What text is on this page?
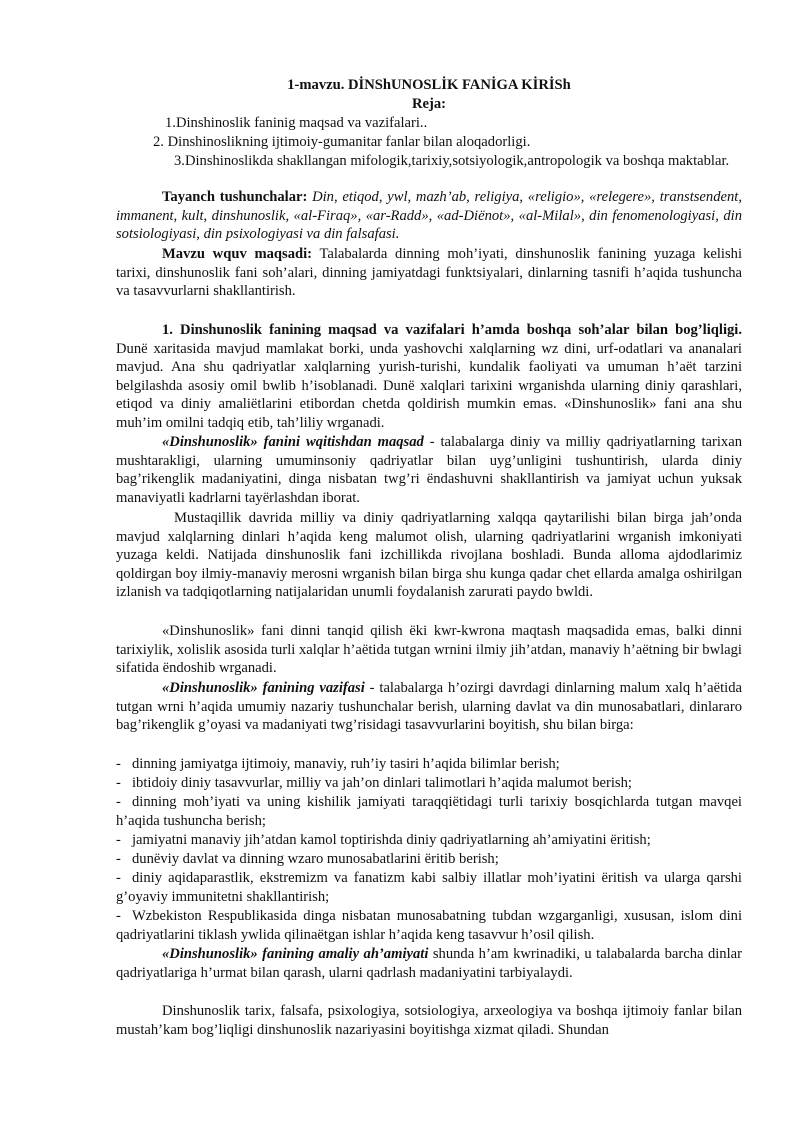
1-mavzu. DİNShUNOSLİK FANİGA KİRİSh

Reja:

1.Dinshinoslik faninig maqsad va vazifalari..

2. Dinshinoslikning ijtimoiy-gumanitar fanlar bilan aloqadorligi.

3.Dinshinoslikda shakllangan mifologik,tarixiy,sotsiyologik,antropologik va boshqa maktablar.

Tayanch tushunchalar: Din, etiqod, ywl, mazh’ab, religiya, «religio», «relegere», transtsendent, immanent, kult, dinshunoslik, «al-Firaq», «ar-Radd», «ad-Diёnot», «al-Milal», din fenomenologiyasi, din sotsiologiyasi, din psixologiyasi va din falsafasi.

Mavzu wquv maqsadi: Talabalarda dinning moh’iyati, dinshunoslik fanining yuzaga kelishi tarixi, dinshunoslik fani soh’alari, dinning jamiyatdagi funktsiyalari, dinlarning tasnifi h’aqida tushuncha va tasavvurlarni shakllantirish.

1. Dinshunoslik fanining maqsad va vazifalari h’amda boshqa soh’alar bilan bog’liqligi. Dunё xaritasida mavjud mamlakat borki, unda yashovchi xalqlarning wz dini, urf-odatlari va ananalari mavjud. Ana shu qadriyatlar xalqlarning yurish-turishi, kundalik faoliyati va umuman h’aёt tarzini belgilashda asosiy omil bwlib h’isoblanadi. Dunё xalqlari tarixini wrganishda ularning diniy qarashlari, etiqod va diniy amaliёtlarini etibordan chetda qoldirish mumkin emas. «Dinshunoslik» fani ana shu muh’im omilni tadqiq etib, tah’liliy wrganadi.

«Dinshunoslik» fanini wqitishdan maqsad - talabalarga diniy va milliy qadriyatlarning tarixan mushtarakligi, ularning umuminsoniy qadriyatlar bilan uyg’unligini tushuntirish, ularda diniy bag’rikenglik madaniyatini, dinga nisbatan twg’ri ёndashuvni shakllantirish va jamiyat uchun yuksak manaviyatli kadrlarni tayёrlashdan iborat.

Mustaqillik davrida milliy va diniy qadriyatlarning xalqqa qaytarilishi bilan birga jah’onda mavjud xalqlarning dinlari h’aqida keng malumot olish, ularning qadriyatlarini wrganish imkoniyati yuzaga keldi. Natijada dinshunoslik fani izchillikda rivojlana boshladi. Bunda alloma ajdodlarimiz qoldirgan boy ilmiy-manaviy merosni wrganish bilan birga shu kunga qadar chet ellarda amalga oshirilgan izlanish va tadqiqotlarning natijalaridan unumli foydalanish zarurati paydo bwldi.

«Dinshunoslik» fani dinni tanqid qilish ёki kwr-kwrona maqtash maqsadida emas, balki dinni tarixiylik, xolislik asosida turli xalqlar h’aёtida tutgan wrnini ilmiy jih’atdan, manaviy h’aёtning bir bwlagi sifatida ёndoshib wrganadi.

«Dinshunoslik» fanining vazifasi - talabalarga h’ozirgi davrdagi dinlarning malum xalq h’aёtida tutgan wrni h’aqida umumiy nazariy tushunchalar berish, ularning davlat va din munosabatlari, dinlararo bag’rikenglik g’oyasi va madaniyati twg’risidagi tasavvurlarini boyitish, shu bilan birga:

- dinning jamiyatga ijtimoiy, manaviy, ruh’iy tasiri h’aqida bilimlar berish;

- ibtidoiy diniy tasavvurlar, milliy va jah’on dinlari talimotlari h’aqida malumot berish;

- dinning moh’iyati va uning kishilik jamiyati taraqqiёtidagi turli tarixiy bosqichlarda tutgan mavqei h’aqida tushuncha berish;

- jamiyatni manaviy jih’atdan kamol toptirishda diniy qadriyatlarning ah’amiyatini ёritish;

- dunёviy davlat va dinning wzaro munosabatlarini ёritib berish;

- diniy aqidaparastlik, ekstremizm va fanatizm kabi salbiy illatlar moh’iyatini ёritish va ularga qarshi g’oyaviy immunitetni shakllantirish;

- Wzbekiston Respublikasida dinga nisbatan munosabatning tubdan wzgarganligi, xususan, islom dini qadriyatlarini tiklash ywlida qilinaёtgan ishlar h’aqida keng tasavvur h’osil qilish.

«Dinshunoslik» fanining amaliy ah’amiyati shunda h’am kwrinadiki, u talabalarda barcha dinlar qadriyatlariga h’urmat bilan qarash, ularni qadrlash madaniyatini tarbiyalaydi.

Dinshunoslik tarix, falsafa, psixologiya, sotsiologiya, arxeologiya va boshqa ijtimoiy fanlar bilan mustah’kam bog’liqligi dinshunoslik nazariyasini boyitishga xizmat qiladi. Shundan
